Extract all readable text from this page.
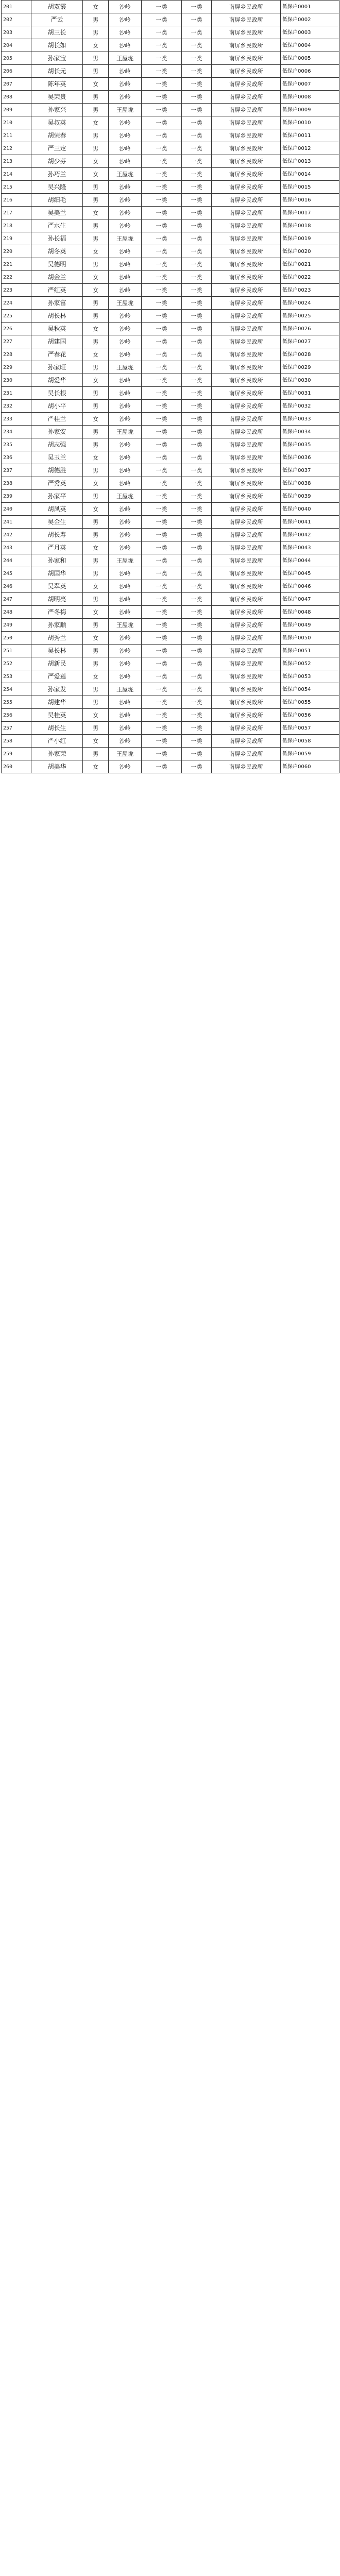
201	胡双霞	女	沙岭	一类	一类	南屏乡民政所	低保户0001
202	严云	男	沙岭	一类	一类	南屏乡民政所	低保户0002
203	胡三长	男	沙岭	一类	一类	南屏乡民政所	低保户0003
204	胡长如	女	沙岭	一类	一类	南屏乡民政所	低保户0004
205	孙家宝	男	王屋垅	一类	一类	南屏乡民政所	低保户0005
206	胡长元	男	沙岭	一类	一类	南屏乡民政所	低保户0006
207	陈年英	女	沙岭	一类	一类	南屏乡民政所	低保户0007
208	吴荣贵	男	沙岭	一类	一类	南屏乡民政所	低保户0008
209	孙家兴	男	王屋垅	一类	一类	南屏乡民政所	低保户0009
210	吴叔英	女	沙岭	一类	一类	南屏乡民政所	低保户0010
211	胡荣春	男	沙岭	一类	一类	南屏乡民政所	低保户0011
212	严三定	男	沙岭	一类	一类	南屏乡民政所	低保户0012
213	胡少芬	女	沙岭	一类	一类	南屏乡民政所	低保户0013
214	孙巧兰	女	王屋垅	一类	一类	南屏乡民政所	低保户0014
215	吴兴隆	男	沙岭	一类	一类	南屏乡民政所	低保户0015
216	胡细毛	男	沙岭	一类	一类	南屏乡民政所	低保户0016
217	吴美兰	女	沙岭	一类	一类	南屏乡民政所	低保户0017
218	严水生	男	沙岭	一类	一类	南屏乡民政所	低保户0018
219	孙长福	男	王屋垅	一类	一类	南屏乡民政所	低保户0019
220	胡冬英	女	沙岭	一类	一类	南屏乡民政所	低保户0020
221	吴德明	男	沙岭	一类	一类	南屏乡民政所	低保户0021
222	胡金兰	女	沙岭	一类	一类	南屏乡民政所	低保户0022
223	严红英	女	沙岭	一类	一类	南屏乡民政所	低保户0023
224	孙家富	男	王屋垅	一类	一类	南屏乡民政所	低保户0024
225	胡长林	男	沙岭	一类	一类	南屏乡民政所	低保户0025
226	吴秋英	女	沙岭	一类	一类	南屏乡民政所	低保户0026
227	胡建国	男	沙岭	一类	一类	南屏乡民政所	低保户0027
228	严春花	女	沙岭	一类	一类	南屏乡民政所	低保户0028
229	孙家旺	男	王屋垅	一类	一类	南屏乡民政所	低保户0029
230	胡爱华	女	沙岭	一类	一类	南屏乡民政所	低保户0030
231	吴长根	男	沙岭	一类	一类	南屏乡民政所	低保户0031
232	胡小平	男	沙岭	一类	一类	南屏乡民政所	低保户0032
233	严桂兰	女	沙岭	一类	一类	南屏乡民政所	低保户0033
234	孙家安	男	王屋垅	一类	一类	南屏乡民政所	低保户0034
235	胡志强	男	沙岭	一类	一类	南屏乡民政所	低保户0035
236	吴玉兰	女	沙岭	一类	一类	南屏乡民政所	低保户0036
237	胡德胜	男	沙岭	一类	一类	南屏乡民政所	低保户0037
238	严秀英	女	沙岭	一类	一类	南屏乡民政所	低保户0038
239	孙家平	男	王屋垅	一类	一类	南屏乡民政所	低保户0039
240	胡凤英	女	沙岭	一类	一类	南屏乡民政所	低保户0040
241	吴金生	男	沙岭	一类	一类	南屏乡民政所	低保户0041
242	胡长寿	男	沙岭	一类	一类	南屏乡民政所	低保户0042
243	严月英	女	沙岭	一类	一类	南屏乡民政所	低保户0043
244	孙家和	男	王屋垅	一类	一类	南屏乡民政所	低保户0044
245	胡国华	男	沙岭	一类	一类	南屏乡民政所	低保户0045
246	吴翠英	女	沙岭	一类	一类	南屏乡民政所	低保户0046
247	胡明亮	男	沙岭	一类	一类	南屏乡民政所	低保户0047
248	严冬梅	女	沙岭	一类	一类	南屏乡民政所	低保户0048
249	孙家顺	男	王屋垅	一类	一类	南屏乡民政所	低保户0049
250	胡秀兰	女	沙岭	一类	一类	南屏乡民政所	低保户0050
251	吴长林	男	沙岭	一类	一类	南屏乡民政所	低保户0051
252	胡新民	男	沙岭	一类	一类	南屏乡民政所	低保户0052
253	严爱莲	女	沙岭	一类	一类	南屏乡民政所	低保户0053
254	孙家发	男	王屋垅	一类	一类	南屏乡民政所	低保户0054
255	胡建华	男	沙岭	一类	一类	南屏乡民政所	低保户0055
256	吴桂英	女	沙岭	一类	一类	南屏乡民政所	低保户0056
257	胡长生	男	沙岭	一类	一类	南屏乡民政所	低保户0057
258	严小红	女	沙岭	一类	一类	南屏乡民政所	低保户0058
259	孙家荣	男	王屋垅	一类	一类	南屏乡民政所	低保户0059
260	胡美华	女	沙岭	一类	一类	南屏乡民政所	低保户0060
